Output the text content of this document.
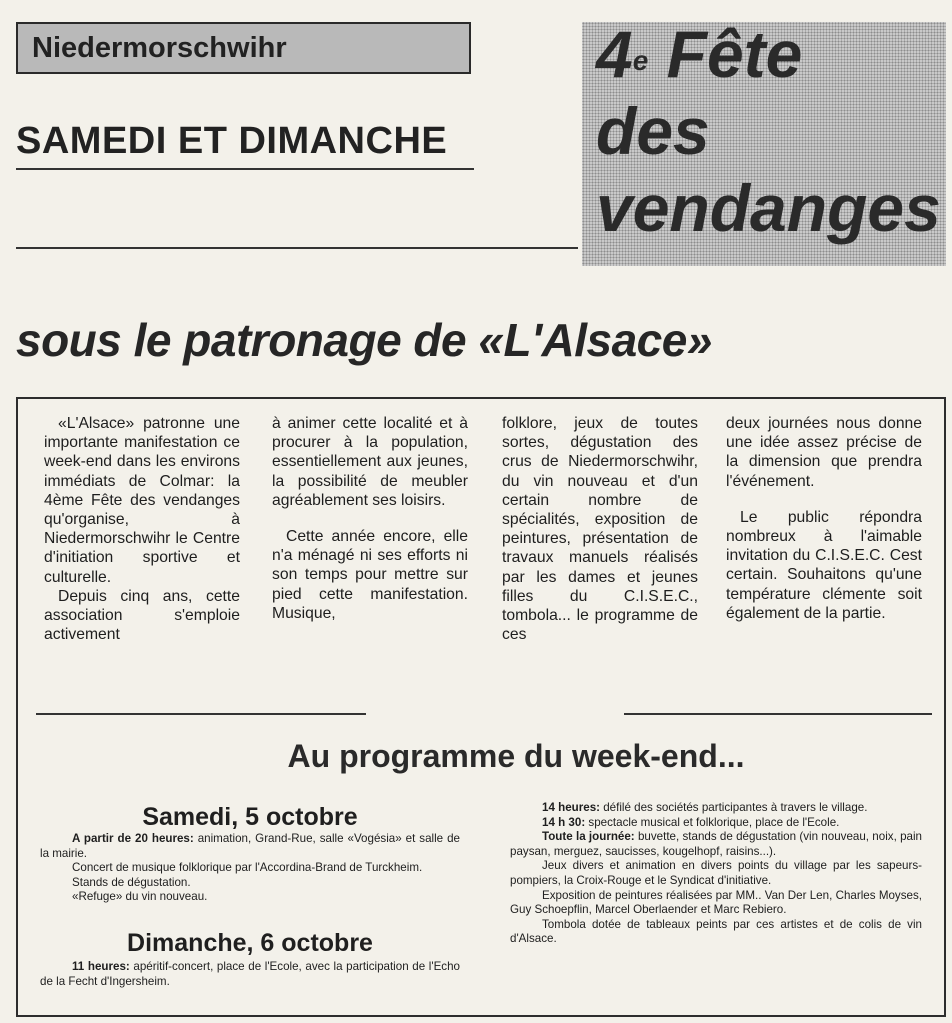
Niedermorschwihr
SAMEDI ET DIMANCHE
4e Fête
des
vendanges
sous le patronage de «L'Alsace»

«L'Alsace» patronne une importante manifestation ce week-end dans les environs immédiats de Colmar: la 4ème Fête des vendanges qu'organise, à Niedermorschwihr le Centre d'initiation sportive et culturelle.

Depuis cinq ans, cette association s'emploie activement

à animer cette localité et à procurer à la population, essentiellement aux jeunes, la possibilité de meubler agréablement ses loisirs.

Cette année encore, elle n'a ménagé ni ses efforts ni son temps pour mettre sur pied cette manifestation. Musique,

folklore, jeux de toutes sortes, dégustation des crus de Niedermorschwihr, du vin nouveau et d'un certain nombre de spécialités, exposition de peintures, présentation de travaux manuels réalisés par les dames et jeunes filles du C.I.S.E.C., tombola... le programme de ces

deux journées nous donne une idée assez précise de la dimension que prendra l'événement.

Le public répondra nombreux à l'aimable invitation du C.I.S.E.C. Cest certain. Souhaitons qu'une température clémente soit également de la partie.

Au programme du week-end...
Samedi, 5 octobre

A partir de 20 heures: animation, Grand-Rue, salle «Vogésia» et salle de la mairie.

Concert de musique folklorique par l'Accordina-Brand de Turckheim.

Stands de dégustation.

«Refuge» du vin nouveau.

Dimanche, 6 octobre

11 heures: apéritif-concert, place de l'Ecole, avec la participation de l'Echo de la Fecht d'Ingersheim.

14 heures: défilé des sociétés participantes à travers le village.

14 h 30: spectacle musical et folklorique, place de l'Ecole.

Toute la journée: buvette, stands de dégustation (vin nouveau, noix, pain paysan, merguez, saucisses, kougelhopf, raisins...).

Jeux divers et animation en divers points du village par les sapeurs-pompiers, la Croix-Rouge et le Syndicat d'initiative.

Exposition de peintures réalisées par MM.. Van Der Len, Charles Moyses, Guy Schoepflin, Marcel Oberlaender et Marc Rebiero.

Tombola dotée de tableaux peints par ces artistes et de colis de vin d'Alsace.
